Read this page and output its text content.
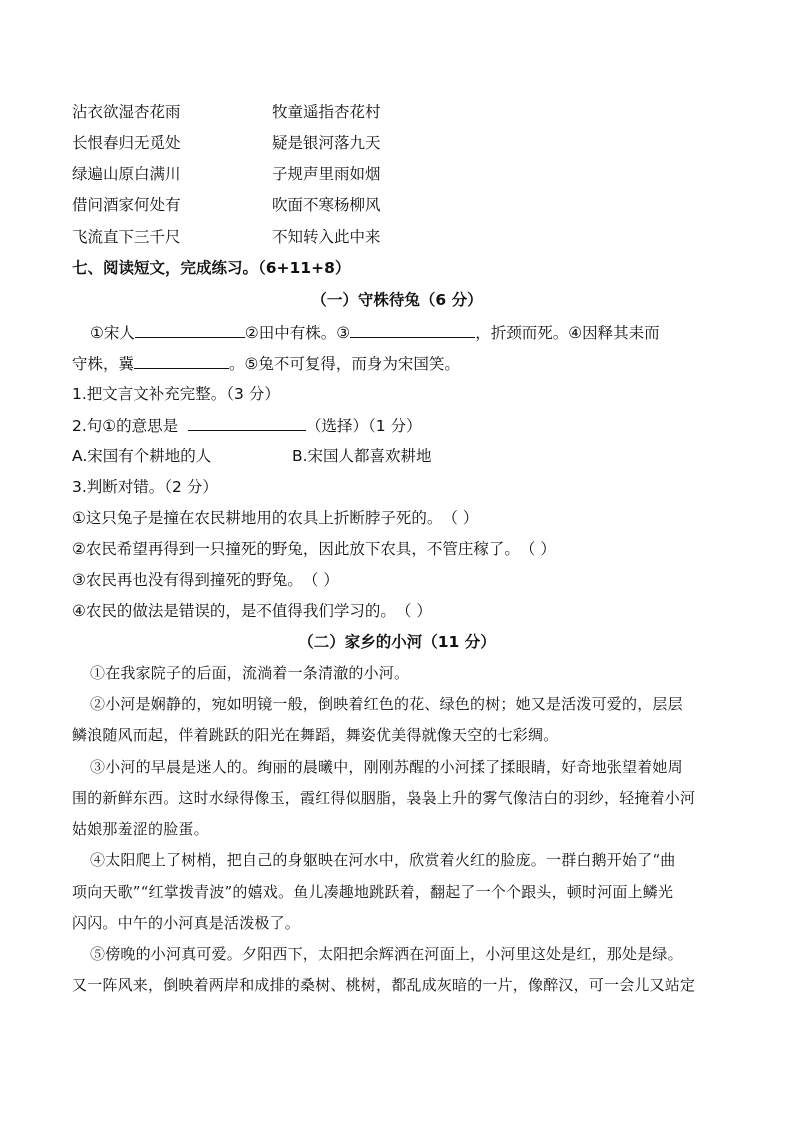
沾衣欲湿杏花雨	牧童遥指杏花村
长恨春归无觅处	疑是银河落九天
绿遍山原白满川	子规声里雨如烟
借问酒家何处有	吹面不寒杨柳风
飞流直下三千尺	不知转入此中来
七、阅读短文，完成练习。（6+11+8）
（一）守株待兔（6 分）
①宋人	②田中有株。③	，折颈而死。④因释其耒而
守株，冀	。⑤兔不可复得，而身为宋国笑。
1.把文言文补充完整。（3 分）
2.句①的意思是	（选择）（1 分）
A.宋国有个耕地的人	B.宋国人都喜欢耕地
3.判断对错。（2 分）
①这只兔子是撞在农民耕地用的农具上折断脖子死的。（ ）
②农民希望再得到一只撞死的野兔，因此放下农具，不管庄稼了。（ ）
③农民再也没有得到撞死的野兔。（ ）
④农民的做法是错误的，是不值得我们学习的。（ ）
（二）家乡的小河（11 分）
①在我家院子的后面，流淌着一条清澈的小河。
②小河是娴静的，宛如明镜一般，倒映着红色的花、绿色的树；她又是活泼可爱的，层层
鳞浪随风而起，伴着跳跃的阳光在舞蹈，舞姿优美得就像天空的七彩绸。
③小河的早晨是迷人的。绚丽的晨曦中，刚刚苏醒的小河揉了揉眼睛，好奇地张望着她周
围的新鲜东西。这时水绿得像玉，霞红得似胭脂，袅袅上升的雾气像洁白的羽纱，轻掩着小河
姑娘那羞涩的脸蛋。
④太阳爬上了树梢，把自己的身躯映在河水中，欣赏着火红的脸庞。一群白鹅开始了“曲
项向天歌”“红掌拨青波”的嬉戏。鱼儿凑趣地跳跃着，翻起了一个个跟头，顿时河面上鳞光
闪闪。中午的小河真是活泼极了。
⑤傍晚的小河真可爱。夕阳西下，太阳把余辉洒在河面上，小河里这处是红，那处是绿。
又一阵风来，倒映着两岸和成排的桑树、桃树，都乱成灰暗的一片，像醉汉，可一会儿又站定
